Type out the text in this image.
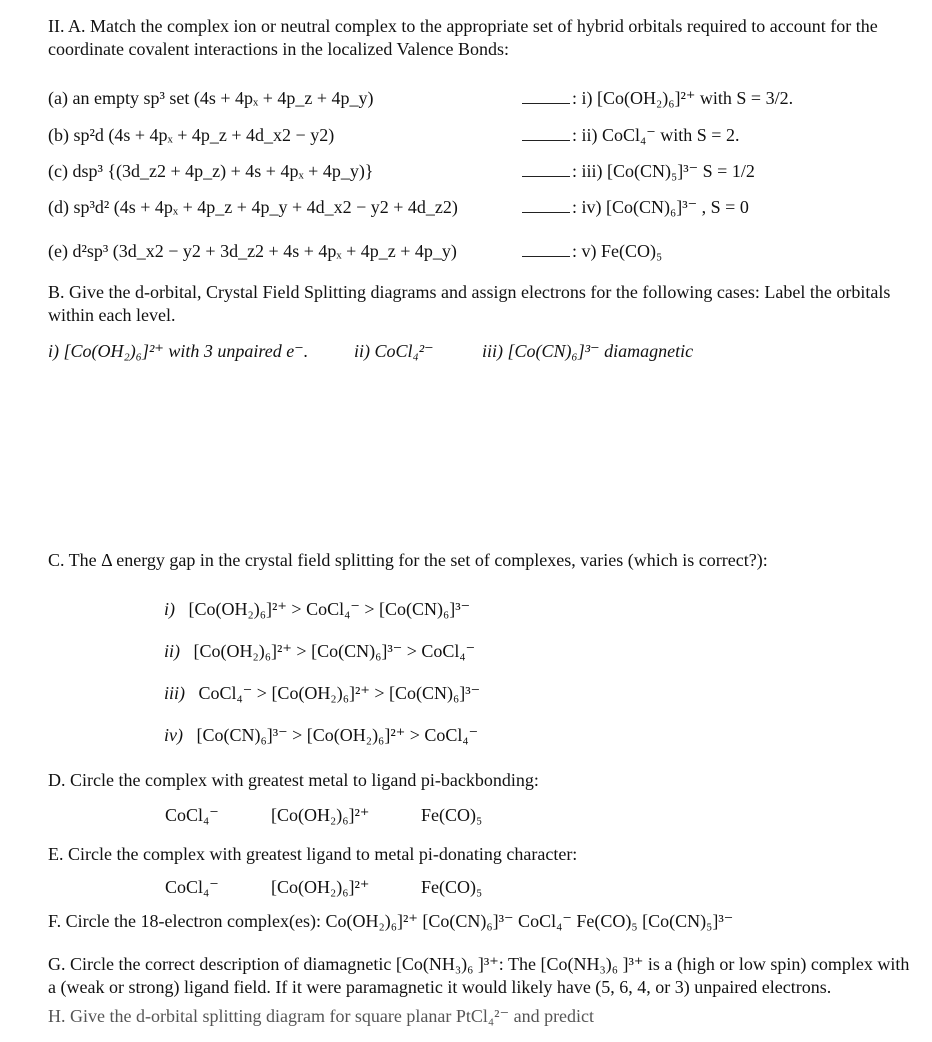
II. A. Match the complex ion or neutral complex to the appropriate set of hybrid orbitals required to account for the coordinate covalent interactions in the localized Valence Bonds:
(a) an empty sp³ set (4s + 4pₓ + 4p_z + 4p_y)	: i) [Co(OH₂)₆]²⁺ with S = 3/2.
(b) sp²d (4s + 4pₓ + 4p_z + 4d_x2 − y2)	: ii) CoCl₄⁻ with S = 2.
(c) dsp³ {(3d_z2 + 4p_z) + 4s + 4pₓ + 4p_y)}	: iii) [Co(CN)₅]³⁻ S = 1/2
(d) sp³d² (4s + 4pₓ + 4p_z + 4p_y + 4d_x2 − y2 + 4d_z2)	: iv) [Co(CN)₆]³⁻ , S = 0
(e) d²sp³ (3d_x2 − y2 + 3d_z2 + 4s + 4pₓ + 4p_z + 4p_y)	: v) Fe(CO)₅
B. Give the d-orbital, Crystal Field Splitting diagrams and assign electrons for the following cases: Label the orbitals within each level.
i) [Co(OH₂)₆]²⁺ with 3 unpaired e⁻.	ii) CoCl₄²⁻	iii) [Co(CN)₆]³⁻ diamagnetic
C. The Δ energy gap in the crystal field splitting for the set of complexes, varies (which is correct?):
i) [Co(OH₂)₆]²⁺ > CoCl₄⁻ > [Co(CN)₆]³⁻
ii) [Co(OH₂)₆]²⁺ > [Co(CN)₆]³⁻ > CoCl₄⁻
iii) CoCl₄⁻ > [Co(OH₂)₆]²⁺ > [Co(CN)₆]³⁻
iv) [Co(CN)₆]³⁻ > [Co(OH₂)₆]²⁺ > CoCl₄⁻
D. Circle the complex with greatest metal to ligand pi-backbonding:
CoCl₄⁻	[Co(OH₂)₆]²⁺	Fe(CO)₅
E. Circle the complex with greatest ligand to metal pi-donating character:
CoCl₄⁻	[Co(OH₂)₆]²⁺	Fe(CO)₅
F. Circle the 18-electron complex(es): Co(OH₂)₆]²⁺ [Co(CN)₆]³⁻ CoCl₄⁻ Fe(CO)₅ [Co(CN)₅]³⁻
G. Circle the correct description of diamagnetic [Co(NH₃)₆ ]³⁺: The [Co(NH₃)₆ ]³⁺ is a (high or low spin) complex with a (weak or strong) ligand field. If it were paramagnetic it would likely have (5, 6, 4, or 3) unpaired electrons.
H. Give the d-orbital splitting diagram for square planar PtCl₄²⁻ and predict
